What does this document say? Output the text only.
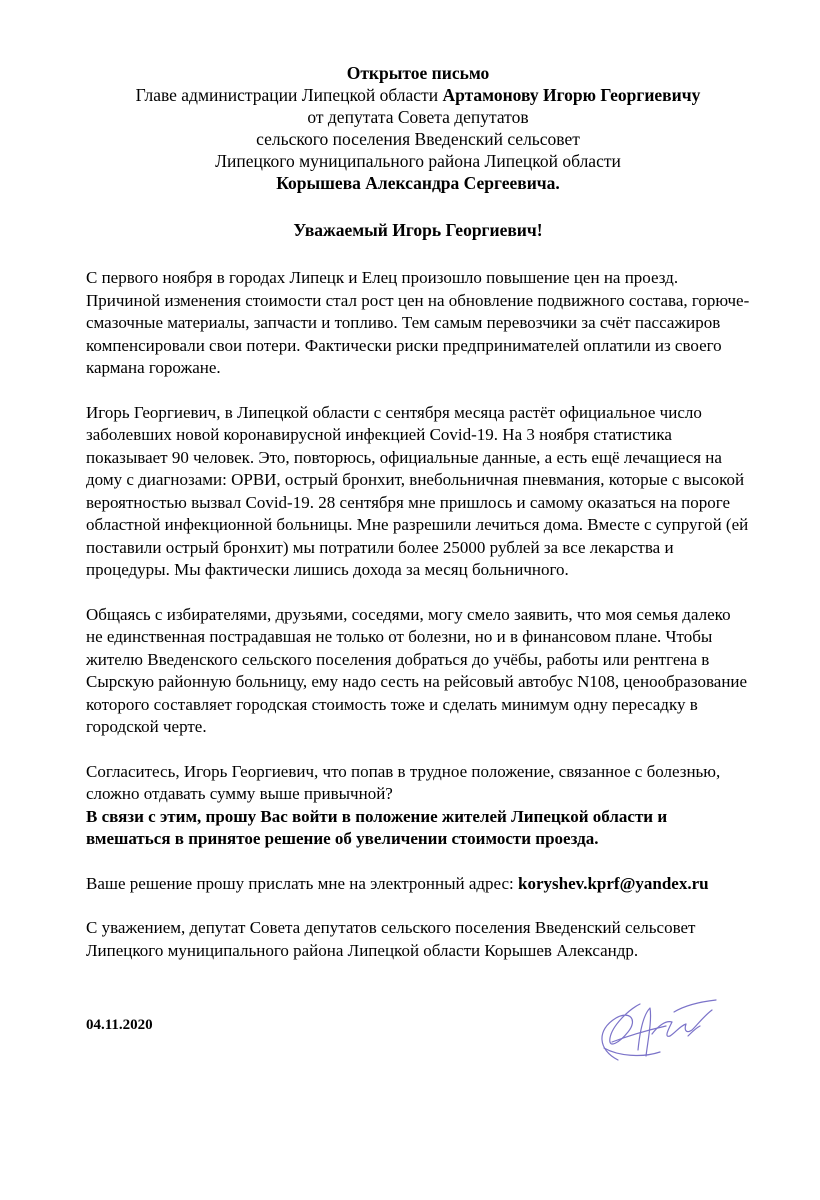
Открытое письмо
Главе администрации Липецкой области Артамонову Игорю Георгиевичу
от депутата Совета депутатов
сельского поселения Введенский сельсовет
Липецкого муниципального района Липецкой области
Корышева Александра Сергеевича.
Уважаемый Игорь Георгиевич!

С первого ноября в городах Липецк и Елец произошло повышение цен на проезд. Причиной изменения стоимости стал рост цен на обновление подвижного состава, горюче-смазочные материалы, запчасти и топливо. Тем самым перевозчики за счёт пассажиров компенсировали свои потери. Фактически риски предпринимателей оплатили из своего кармана горожане.

Игорь Георгиевич, в Липецкой области с сентября месяца растёт официальное число заболевших новой коронавирусной инфекцией Covid-19. На 3 ноября статистика показывает 90 человек. Это, повторюсь, официальные данные, а есть ещё лечащиеся на дому с диагнозами: ОРВИ, острый бронхит, внебольничная пневмания, которые с высокой вероятностью вызвал Covid-19. 28 сентября мне пришлось и самому оказаться на пороге областной инфекционной больницы. Мне разрешили лечиться дома. Вместе с супругой (ей поставили острый бронхит) мы потратили более 25000 рублей за все лекарства и процедуры. Мы фактически лишись дохода за месяц больничного.

Общаясь с избирателями, друзьями, соседями, могу смело заявить, что моя семья далеко не единственная пострадавшая не только от болезни, но и в финансовом плане. Чтобы жителю Введенского сельского поселения добраться до учёбы, работы или рентгена в Сырскую районную больницу, ему надо сесть на рейсовый автобус N108, ценообразование которого составляет городская стоимость тоже и сделать минимум одну пересадку в городской черте.

Согласитесь, Игорь Георгиевич, что попав в трудное положение, связанное с болезнью, сложно отдавать сумму выше привычной?
В связи с этим, прошу Вас войти в положение жителей Липецкой области и вмешаться в принятое решение об увеличении стоимости проезда.

Ваше решение прошу прислать мне на электронный адрес: koryshev.kprf@yandex.ru

С уважением, депутат Совета депутатов сельского поселения Введенский сельсовет Липецкого муниципального района Липецкой области Корышев Александр.

04.11.2020
